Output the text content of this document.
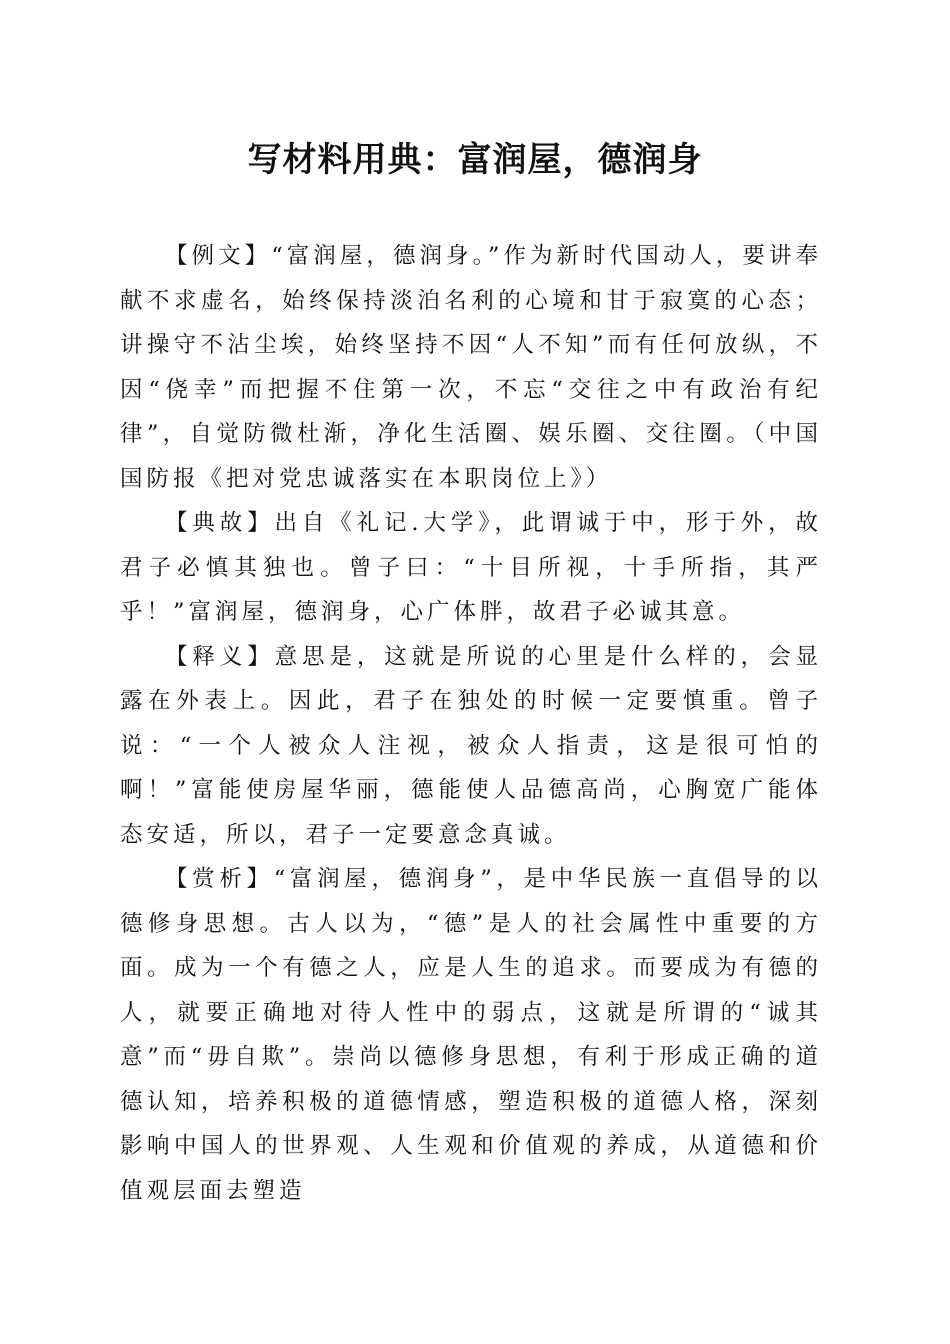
写材料用典：富润屋，德润身

【例文】“富润屋，德润身。”作为新时代国动人，要讲奉献不求虚名，始终保持淡泊名利的心境和甘于寂寞的心态；讲操守不沾尘埃，始终坚持不因“人不知”而有任何放纵，不因“侥幸”而把握不住第一次，不忘“交往之中有政治有纪律”，自觉防微杜渐，净化生活圈、娱乐圈、交往圈。（中国国防报《把对党忠诚落实在本职岗位上》）

【典故】出自《礼记.大学》，此谓诚于中，形于外，故君子必慎其独也。曾子曰：“十目所视，十手所指，其严乎！”富润屋，德润身，心广体胖，故君子必诚其意。

【释义】意思是，这就是所说的心里是什么样的，会显露在外表上。因此，君子在独处的时候一定要慎重。曾子说：“一个人被众人注视，被众人指责，这是很可怕的啊！”富能使房屋华丽，德能使人品德高尚，心胸宽广能体态安适，所以，君子一定要意念真诚。

【赏析】“富润屋，德润身”，是中华民族一直倡导的以德修身思想。古人以为，“德”是人的社会属性中重要的方面。成为一个有德之人，应是人生的追求。而要成为有德的人，就要正确地对待人性中的弱点，这就是所谓的“诚其意”而“毋自欺”。崇尚以德修身思想，有利于形成正确的道德认知，培养积极的道德情感，塑造积极的道德人格，深刻影响中国人的世界观、人生观和价值观的养成，从道德和价值观层面去塑造
